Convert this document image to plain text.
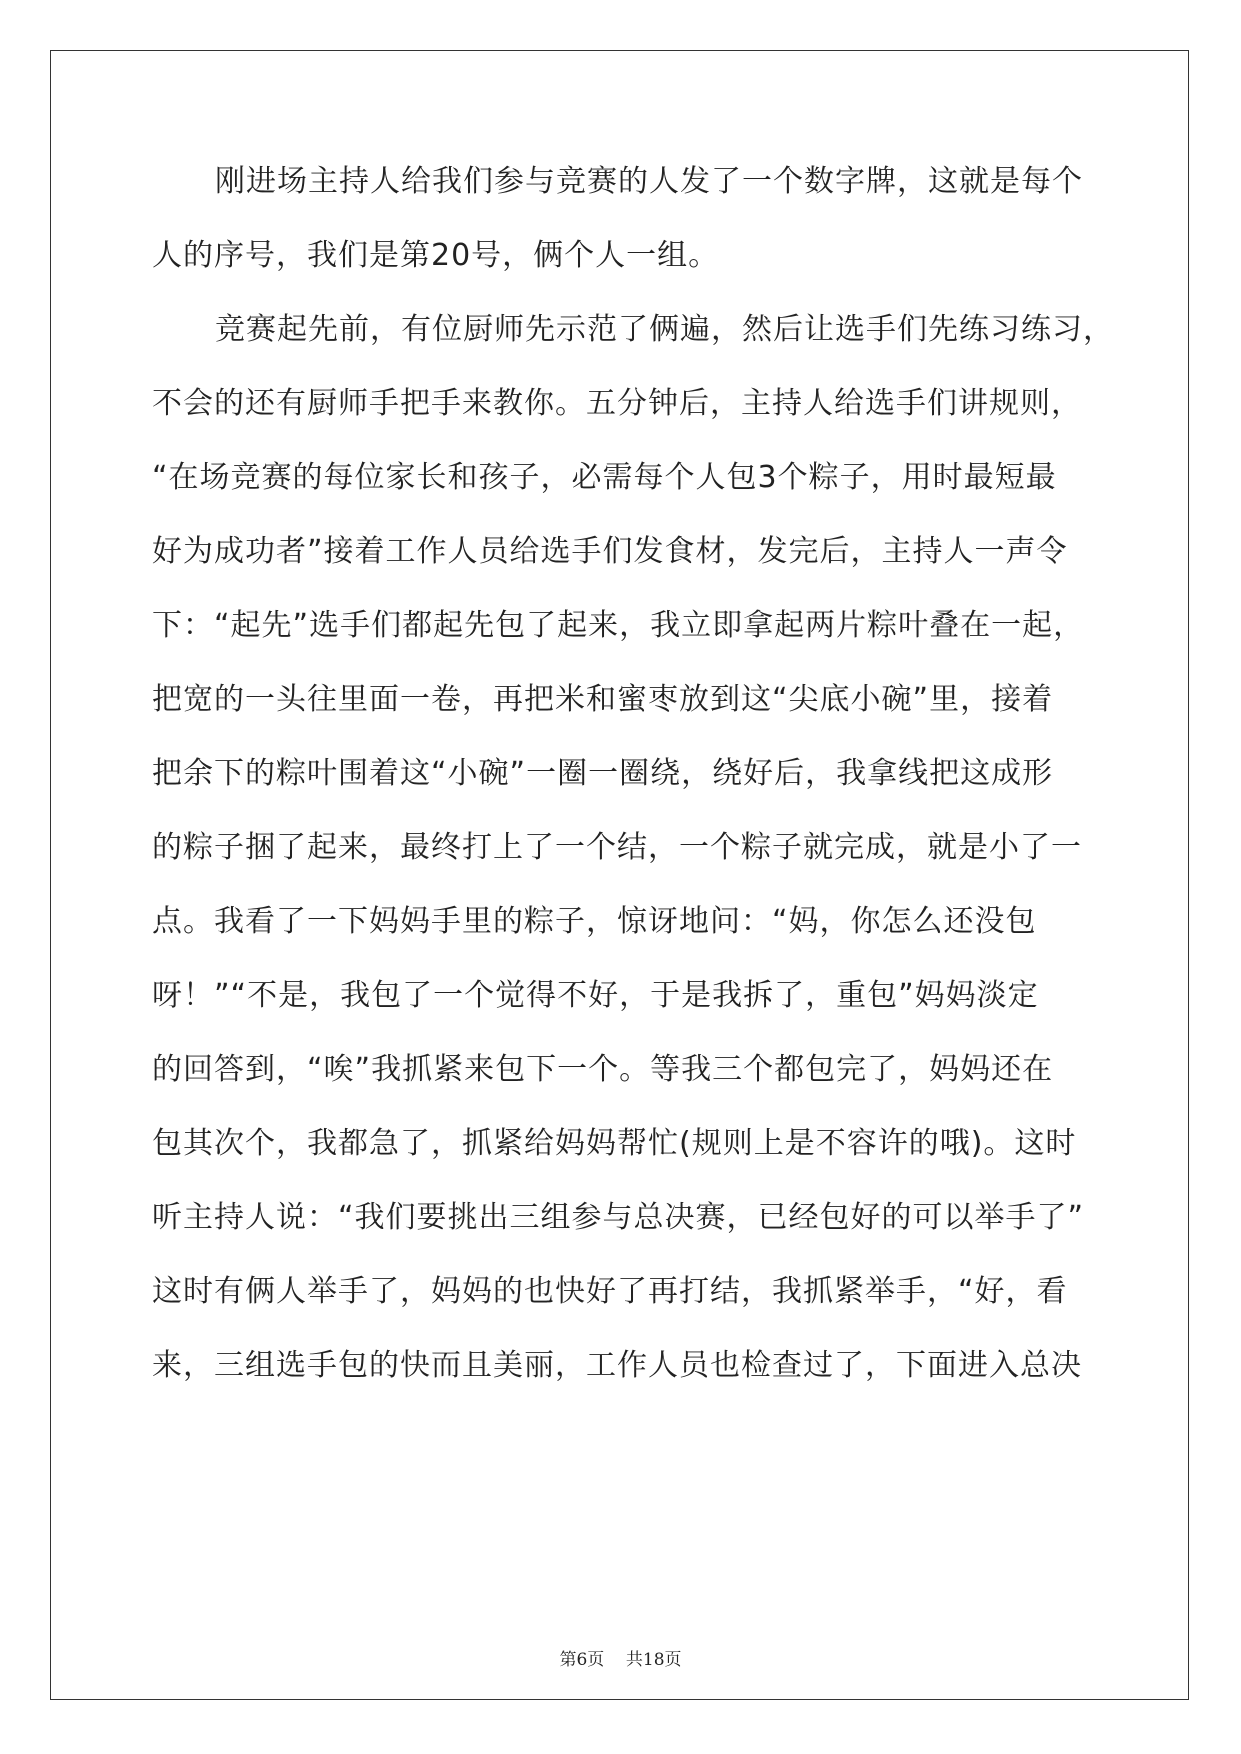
刚进场主持人给我们参与竞赛的人发了一个数字牌，这就是每个
人的序号，我们是第20号，俩个人一组。
竞赛起先前，有位厨师先示范了俩遍，然后让选手们先练习练习，
不会的还有厨师手把手来教你。五分钟后，主持人给选手们讲规则，
“在场竞赛的每位家长和孩子，必需每个人包3个粽子，用时最短最
好为成功者”接着工作人员给选手们发食材，发完后，主持人一声令
下：“起先”选手们都起先包了起来，我立即拿起两片粽叶叠在一起，
把宽的一头往里面一卷，再把米和蜜枣放到这“尖底小碗”里，接着
把余下的粽叶围着这“小碗”一圈一圈绕，绕好后，我拿线把这成形
的粽子捆了起来，最终打上了一个结，一个粽子就完成，就是小了一
点。我看了一下妈妈手里的粽子，惊讶地问：“妈，你怎么还没包
呀！”“不是，我包了一个觉得不好，于是我拆了，重包”妈妈淡定
的回答到，“唉”我抓紧来包下一个。等我三个都包完了，妈妈还在
包其次个，我都急了，抓紧给妈妈帮忙(规则上是不容许的哦)。这时
听主持人说：“我们要挑出三组参与总决赛，已经包好的可以举手了”
这时有俩人举手了，妈妈的也快好了再打结，我抓紧举手，“好，看
来，三组选手包的快而且美丽，工作人员也检查过了，下面进入总决
第6页    共18页
